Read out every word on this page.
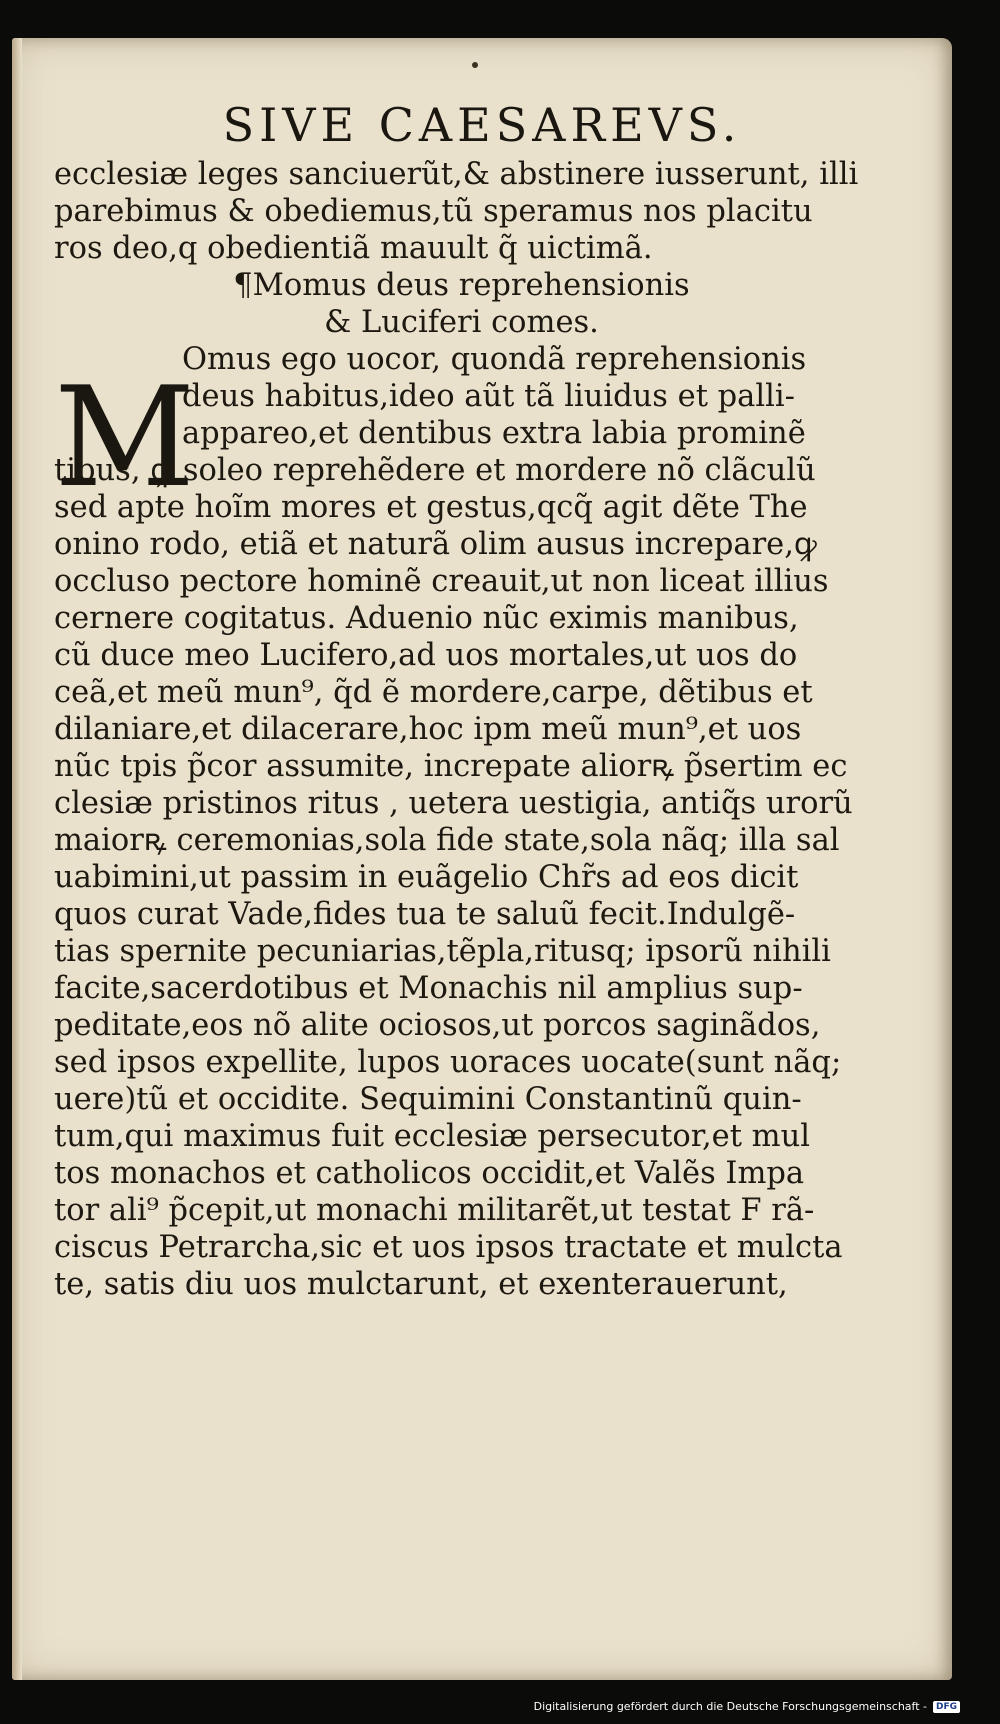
SIVE CAESAREVS.
M
ecclesiæ leges sanciuerũt,& abstinere iusserunt, illi
parebimus & obediemus,tũ speramus nos placitu
ros deo,q obedientiã mauult q̃ uictimã.
¶Momus deus reprehensionis
& Luciferi comes.
Omus ego uocor, quondã reprehensionis
deus habitus,ideo aũt tã liuidus et palli-
appareo,et dentibus extra labia prominẽ
tibus, ꝙ soleo reprehẽdere et mordere nõ clãculũ
sed apte hoĩm mores et gestus,qcq̃ agit dẽte The
onino rodo, etiã et naturã olim ausus increpare,ꝙ
occluso pectore hominẽ creauit,ut non liceat illius
cernere cogitatus. Aduenio nũc eximis manibus,
cũ duce meo Lucifero,ad uos mortales,ut uos do
ceã,et meũ mun⁹, q̃d ẽ mordere,carpe, dẽtibus et
dilaniare,et dilacerare,hoc ipm meũ mun⁹,et uos
nũc tpis p̃cor assumite, increpate aliorꝶ p̃sertim ec
clesiæ pristinos ritus , uetera uestigia, antiq̃s urorũ
maiorꝶ ceremonias,sola fide state,sola nãq; illa sal
uabimini,ut passim in euãgelio Chr̃s ad eos dicit
quos curat Vade,fides tua te saluũ fecit.Indulgẽ-
tias spernite pecuniarias,tẽpla,ritusq; ipsorũ nihili
facite,sacerdotibus et Monachis nil amplius sup-
peditate,eos nõ alite ociosos,ut porcos saginãdos,
sed ipsos expellite, lupos uoraces uocate(sunt nãq;
uere)tũ et occidite. Sequimini Constantinũ quin-
tum,qui maximus fuit ecclesiæ persecutor,et mul
tos monachos et catholicos occidit,et Valẽs Impa
tor ali⁹ p̃cepit,ut monachi militarẽt,ut testat F rã-
ciscus Petrarcha,sic et uos ipsos tractate et mulcta
te, satis diu uos mulctarunt, et exenterauerunt,
Digitalisierung gefördert durch die Deutsche Forschungsgemeinschaft -	DFG
